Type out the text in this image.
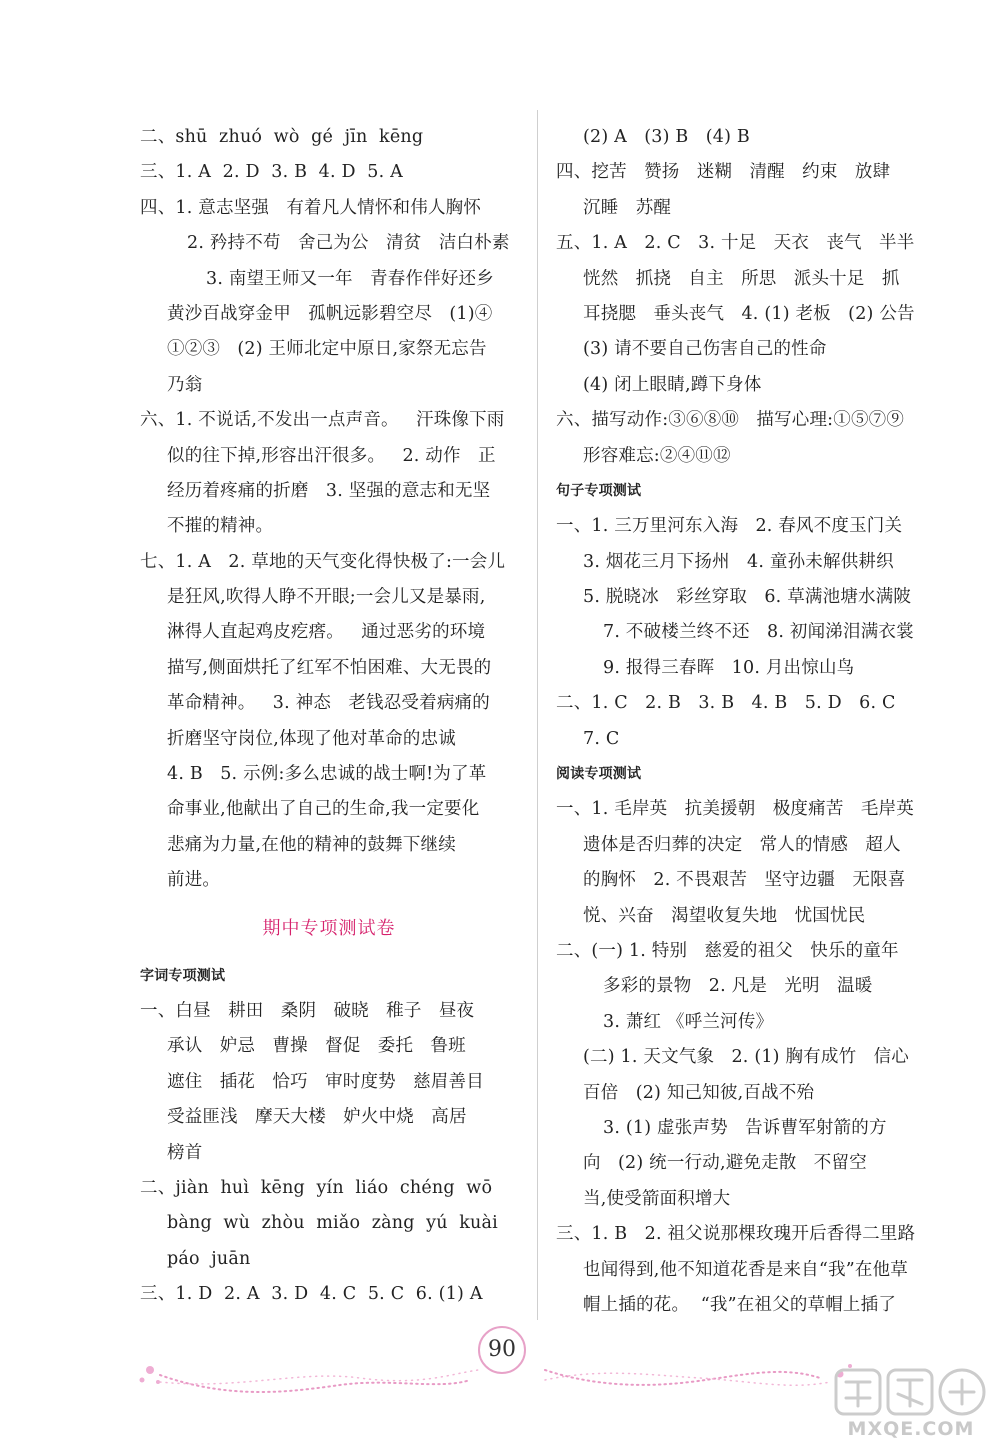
二、shū  zhuó  wò  gé  jīn  kēng
三、1. A  2. D  3. B  4. D  5. A
四、1. 意志坚强   有着凡人情怀和伟人胸怀
2. 矜持不苟   舍己为公   清贫   洁白朴素
3. 南望王师又一年   青春作伴好还乡
黄沙百战穿金甲   孤帆远影碧空尽   (1)④
①②③   (2) 王师北定中原日,家祭无忘告
乃翁
六、1. 不说话,不发出一点声音。   汗珠像下雨
似的往下掉,形容出汗很多。   2. 动作   正
经历着疼痛的折磨   3. 坚强的意志和无坚
不摧的精神。
七、1. A   2. 草地的天气变化得快极了:一会儿
是狂风,吹得人睁不开眼;一会儿又是暴雨,
淋得人直起鸡皮疙瘩。   通过恶劣的环境
描写,侧面烘托了红军不怕困难、大无畏的
革命精神。   3. 神态   老钱忍受着病痛的
折磨坚守岗位,体现了他对革命的忠诚
4. B   5. 示例:多么忠诚的战士啊!为了革
命事业,他献出了自己的生命,我一定要化
悲痛为力量,在他的精神的鼓舞下继续
前进。
期中专项测试卷
字词专项测试
一、白昼   耕田   桑阴   破晓   稚子   昼夜
承认   妒忌   曹操   督促   委托   鲁班
遮住   插花   恰巧   审时度势   慈眉善目
受益匪浅   摩天大楼   妒火中烧   高居
榜首
二、jiàn  huì  kēng  yín  liáo  chéng  wō
bàng  wù  zhòu  miǎo  zàng  yú  kuài
páo  juān
三、1. D  2. A  3. D  4. C  5. C  6. (1) A
(2) A   (3) B   (4) B
四、挖苦   赞扬   迷糊   清醒   约束   放肆
沉睡   苏醒
五、1. A   2. C   3. 十足   天衣   丧气   半半
恍然   抓挠   自主   所思   派头十足   抓
耳挠腮   垂头丧气   4. (1) 老板   (2) 公告
(3) 请不要自己伤害自己的性命
(4) 闭上眼睛,蹲下身体
六、描写动作:③⑥⑧⑩   描写心理:①⑤⑦⑨
形容难忘:②④⑪⑫
句子专项测试
一、1. 三万里河东入海   2. 春风不度玉门关
3. 烟花三月下扬州   4. 童孙未解供耕织
5. 脱晓冰   彩丝穿取   6. 草满池塘水满陂
7. 不破楼兰终不还   8. 初闻涕泪满衣裳
9. 报得三春晖   10. 月出惊山鸟
二、1. C   2. B   3. B   4. B   5. D   6. C
7. C
阅读专项测试
一、1. 毛岸英   抗美援朝   极度痛苦   毛岸英
遗体是否归葬的决定   常人的情感   超人
的胸怀   2. 不畏艰苦   坚守边疆   无限喜
悦、兴奋   渴望收复失地   忧国忧民
二、(一) 1. 特别   慈爱的祖父   快乐的童年
多彩的景物   2. 凡是   光明   温暖
3. 萧红 《呼兰河传》
(二) 1. 天文气象   2. (1) 胸有成竹   信心
百倍   (2) 知己知彼,百战不殆
3. (1) 虚张声势   告诉曹军射箭的方
向   (2) 统一行动,避免走散   不留空
当,使受箭面积增大
三、1. B   2. 祖父说那棵玫瑰开后香得二里路
也闻得到,他不知道花香是来自“我”在他草
帽上插的花。  “我”在祖父的草帽上插了
90
MXQE.COM
